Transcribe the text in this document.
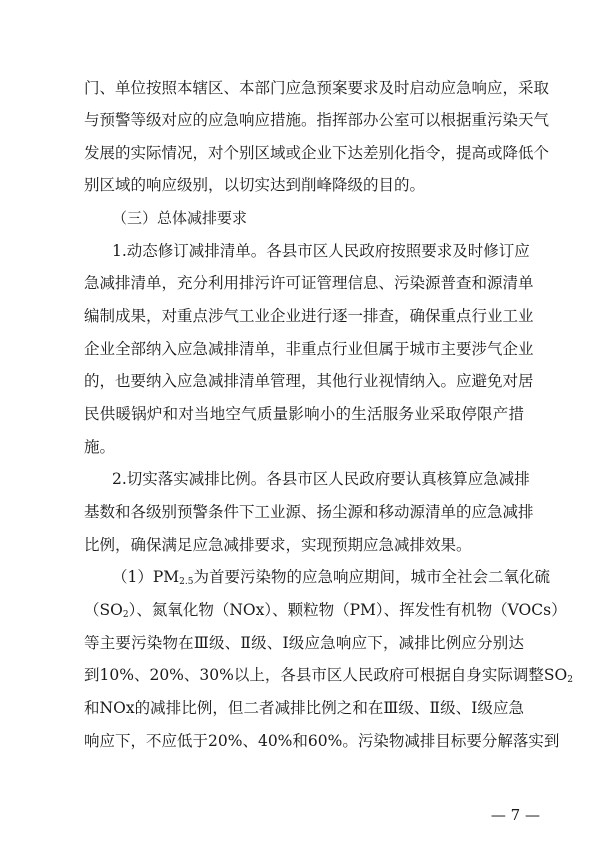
门、单位按照本辖区、本部门应急预案要求及时启动应急响应，采取
与预警等级对应的应急响应措施。指挥部办公室可以根据重污染天气
发展的实际情况，对个别区域或企业下达差别化指令，提高或降低个
别区域的响应级别，以切实达到削峰降级的目的。
（三）总体减排要求
1.动态修订减排清单。各县市区人民政府按照要求及时修订应
急减排清单，充分利用排污许可证管理信息、污染源普查和源清单
编制成果，对重点涉气工业企业进行逐一排查，确保重点行业工业
企业全部纳入应急减排清单，非重点行业但属于城市主要涉气企业
的，也要纳入应急减排清单管理，其他行业视情纳入。应避免对居
民供暖锅炉和对当地空气质量影响小的生活服务业采取停限产措
施。
2.切实落实减排比例。各县市区人民政府要认真核算应急减排
基数和各级别预警条件下工业源、扬尘源和移动源清单的应急减排
比例，确保满足应急减排要求，实现预期应急减排效果。
$(1)PM_{2.5}$为首要污染物的应急响应期间，城市全社会二氧化硫
$(SO_2)$、氮氧化物（NOx）、颗粒物（PM）、挥发性有机物（VOCs）
等主要污染物在Ⅲ级、Ⅱ级、Ⅰ级应急响应下，减排比例应分别达
到10%、20%、30%以上，各县市区人民政府可根据自身实际调整$SO_2$
和NOx的减排比例，但二者减排比例之和在Ⅲ级、Ⅱ级、Ⅰ级应急
响应下，不应低于20%、40%和60%。污染物减排目标要分解落实到
— 7 —
